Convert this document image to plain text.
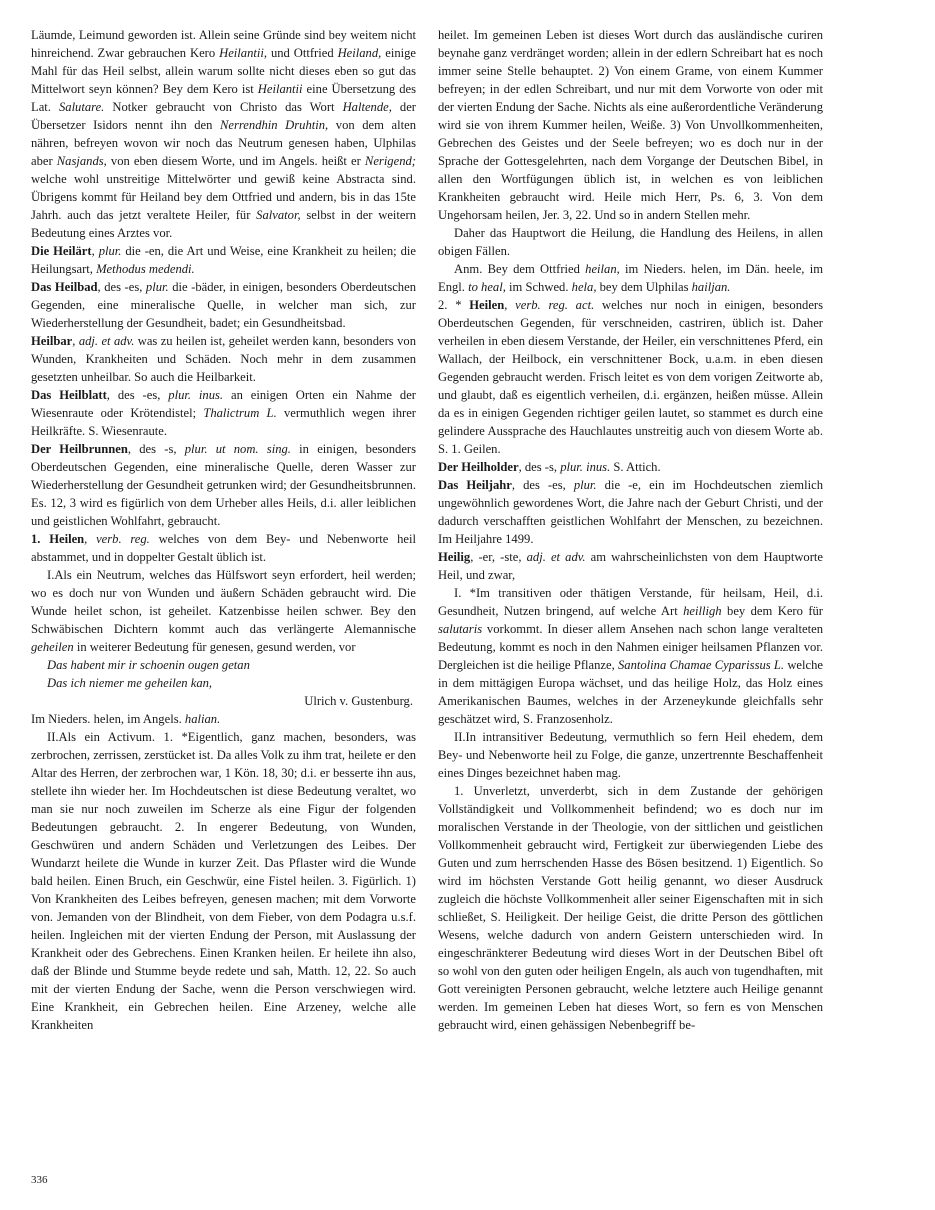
Läumde, Leimund geworden ist. Allein seine Gründe sind bey weitem nicht hinreichend. Zwar gebrauchen Kero Heilantii, und Ottfried Heiland, einige Mahl für das Heil selbst, allein warum sollte nicht dieses eben so gut das Mittelwort seyn können? Bey dem Kero ist Heilantii eine Übersetzung des Lat. Salutare. Notker gebraucht von Christo das Wort Haltende, der Übersetzer Isidors nennt ihn den Nerrendhin Druhtin, von dem alten nähren, befreyen wovon wir noch das Neutrum genesen haben, Ulphilas aber Nasjands, von eben diesem Worte, und im Angels. heißt er Nerigend; welche wohl unstreitige Mittelwörter und gewiß keine Abstracta sind. Übrigens kommt für Heiland bey dem Ottfried und andern, bis in das 15te Jahrh. auch das jetzt veraltete Heiler, für Salvator, selbst in der weitern Bedeutung eines Arztes vor.

Die Heilärt, plur. die -en, die Art und Weise, eine Krankheit zu heilen; die Heilungsart, Methodus medendi.

Das Heilbad, des -es, plur. die -bäder, in einigen, besonders Oberdeutschen Gegenden, eine mineralische Quelle, in welcher man sich, zur Wiederherstellung der Gesundheit, badet; ein Gesundheitsbad.

Heilbar, adj. et adv. was zu heilen ist, geheilet werden kann, besonders von Wunden, Krankheiten und Schäden. Noch mehr in dem zusammen gesetzten unheilbar. So auch die Heilbarkeit.

Das Heilblatt, des -es, plur. inus. an einigen Orten ein Nahme der Wiesenraute oder Krötendistel; Thalictrum L. vermuthlich wegen ihrer Heilkräfte. S. Wiesenraute.

Der Heilbrunnen, des -s, plur. ut nom. sing. in einigen, besonders Oberdeutschen Gegenden, eine mineralische Quelle, deren Wasser zur Wiederherstellung der Gesundheit getrunken wird; der Gesundheitsbrunnen. Es. 12, 3 wird es figürlich von dem Urheber alles Heils, d.i. aller leiblichen und geistlichen Wohlfahrt, gebraucht.

1. Heilen, verb. reg. welches von dem Bey- und Nebenworte heil abstammet, und in doppelter Gestalt üblich ist.

I.Als ein Neutrum, welches das Hülfswort seyn erfordert, heil werden; wo es doch nur von Wunden und äußern Schäden gebraucht wird. Die Wunde heilet schon, ist geheilet. Katzenbisse heilen schwer. Bey den Schwäbischen Dichtern kommt auch das verlängerte Alemannische geheilen in weiterer Bedeutung für genesen, gesund werden, vor

Das habent mir ir schoenin ougen getan

Das ich niemer me geheilen kan,

Ulrich v. Gustenburg.

Im Nieders. helen, im Angels. halian.

II.Als ein Activum. 1. *Eigentlich, ganz machen, besonders, was zerbrochen, zerrissen, zerstücket ist. Da alles Volk zu ihm trat, heilete er den Altar des Herren, der zerbrochen war, 1 Kön. 18, 30; d.i. er besserte ihn aus, stellete ihn wieder her. Im Hochdeutschen ist diese Bedeutung veraltet, wo man sie nur noch zuweilen im Scherze als eine Figur der folgenden Bedeutungen gebraucht. 2. In engerer Bedeutung, von Wunden, Geschwüren und andern Schäden und Verletzungen des Leibes. Der Wundarzt heilete die Wunde in kurzer Zeit. Das Pflaster wird die Wunde bald heilen. Einen Bruch, ein Geschwür, eine Fistel heilen. 3. Figürlich. 1) Von Krankheiten des Leibes befreyen, genesen machen; mit dem Vorworte von. Jemanden von der Blindheit, von dem Fieber, von dem Podagra u.s.f. heilen. Ingleichen mit der vierten Endung der Person, mit Auslassung der Krankheit oder des Gebrechens. Einen Kranken heilen. Er heilete ihn also, daß der Blinde und Stumme beyde redete und sah, Matth. 12, 22. So auch mit der vierten Endung der Sache, wenn die Person verschwiegen wird. Eine Krankheit, ein Gebrechen heilen. Eine Arzeney, welche alle Krankheiten

heilet. Im gemeinen Leben ist dieses Wort durch das ausländische curiren beynahe ganz verdränget worden; allein in der edlern Schreibart hat es noch immer seine Stelle behauptet. 2) Von einem Grame, von einem Kummer befreyen; in der edlen Schreibart, und nur mit dem Vorworte von oder mit der vierten Endung der Sache. Nichts als eine außerordentliche Veränderung wird sie von ihrem Kummer heilen, Weiße. 3) Von Unvollkommenheiten, Gebrechen des Geistes und der Seele befreyen; wo es doch nur in der Sprache der Gottesgelehrten, nach dem Vorgange der Deutschen Bibel, in allen den Wortfügungen üblich ist, in welchen es von leiblichen Krankheiten gebraucht wird. Heile mich Herr, Ps. 6, 3. Von dem Ungehorsam heilen, Jer. 3, 22. Und so in andern Stellen mehr.

Daher das Hauptwort die Heilung, die Handlung des Heilens, in allen obigen Fällen.

Anm. Bey dem Ottfried heilan, im Nieders. helen, im Dän. heele, im Engl. to heal, im Schwed. hela, bey dem Ulphilas hailjan.

2. * Heilen, verb. reg. act. welches nur noch in einigen, besonders Oberdeutschen Gegenden, für verschneiden, castriren, üblich ist. Daher verheilen in eben diesem Verstande, der Heiler, ein verschnittenes Pferd, ein Wallach, der Heilbock, ein verschnittener Bock, u.a.m. in eben diesen Gegenden gebraucht werden. Frisch leitet es von dem vorigen Zeitworte ab, und glaubt, daß es eigentlich verheilen, d.i. ergänzen, heißen müsse. Allein da es in einigen Gegenden richtiger geilen lautet, so stammet es durch eine gelindere Aussprache des Hauchlautes unstreitig auch von diesem Worte ab. S. 1. Geilen.

Der Heilholder, des -s, plur. inus. S. Attich.

Das Heiljahr, des -es, plur. die -e, ein im Hochdeutschen ziemlich ungewöhnlich gewordenes Wort, die Jahre nach der Geburt Christi, und der dadurch verschafften geistlichen Wohlfahrt der Menschen, zu bezeichnen. Im Heiljahre 1499.

Heilig, -er, -ste, adj. et adv. am wahrscheinlichsten von dem Hauptworte Heil, und zwar,

I. *Im transitiven oder thätigen Verstande, für heilsam, Heil, d.i. Gesundheit, Nutzen bringend, auf welche Art heilligh bey dem Kero für salutaris vorkommt. In dieser allem Ansehen nach schon lange veralteten Bedeutung, kommt es noch in den Nahmen einiger heilsamen Pflanzen vor. Dergleichen ist die heilige Pflanze, Santolina Chamae Cyparissus L. welche in dem mittägigen Europa wächset, und das heilige Holz, das Holz eines Amerikanischen Baumes, welches in der Arzeneykunde gleichfalls sehr geschätzet wird, S. Franzosenholz.

II.In intransitiver Bedeutung, vermuthlich so fern Heil ehedem, dem Bey- und Nebenworte heil zu Folge, die ganze, unzertrennte Beschaffenheit eines Dinges bezeichnet haben mag.

1. Unverletzt, unverderbt, sich in dem Zustande der gehörigen Vollständigkeit und Vollkommenheit befindend; wo es doch nur im moralischen Verstande in der Theologie, von der sittlichen und geistlichen Vollkommenheit gebraucht wird, Fertigkeit zur überwiegenden Liebe des Guten und zum herrschenden Hasse des Bösen besitzend. 1) Eigentlich. So wird im höchsten Verstande Gott heilig genannt, wo dieser Ausdruck zugleich die höchste Vollkommenheit aller seiner Eigenschaften mit in sich schließet, S. Heiligkeit. Der heilige Geist, die dritte Person des göttlichen Wesens, welche dadurch von andern Geistern unterschieden wird. In eingeschränkterer Bedeutung wird dieses Wort in der Deutschen Bibel oft so wohl von den guten oder heiligen Engeln, als auch von tugendhaften, mit Gott vereinigten Personen gebraucht, welche letztere auch Heilige genannt werden. Im gemeinen Leben hat dieses Wort, so fern es von Menschen gebraucht wird, einen gehässigen Nebenbegriff be-

336
